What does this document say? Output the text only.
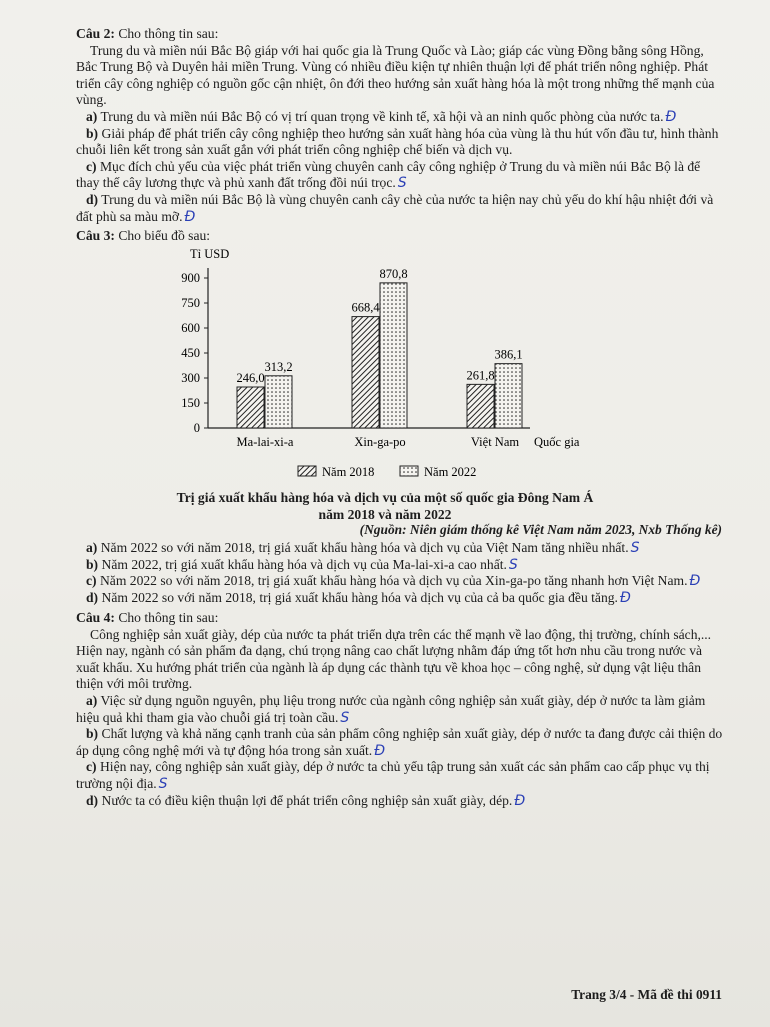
Câu 2: Cho thông tin sau:

Trung du và miền núi Bắc Bộ giáp với hai quốc gia là Trung Quốc và Lào; giáp các vùng Đồng bằng sông Hồng, Bắc Trung Bộ và Duyên hải miền Trung. Vùng có nhiều điều kiện tự nhiên thuận lợi để phát triển nông nghiệp. Phát triển cây công nghiệp có nguồn gốc cận nhiệt, ôn đới theo hướng sản xuất hàng hóa là một trong những thế mạnh của vùng.

a) Trung du và miền núi Bắc Bộ có vị trí quan trọng về kinh tế, xã hội và an ninh quốc phòng của nước ta. Đ

b) Giải pháp để phát triển cây công nghiệp theo hướng sản xuất hàng hóa của vùng là thu hút vốn đầu tư, hình thành chuỗi liên kết trong sản xuất gắn với phát triển công nghiệp chế biến và dịch vụ.

c) Mục đích chủ yếu của việc phát triển vùng chuyên canh cây công nghiệp ở Trung du và miền núi Bắc Bộ là để thay thế cây lương thực và phủ xanh đất trống đồi núi trọc. S

d) Trung du và miền núi Bắc Bộ là vùng chuyên canh cây chè của nước ta hiện nay chủ yếu do khí hậu nhiệt đới và đất phù sa màu mỡ. Đ

Câu 3: Cho biểu đồ sau:
Tỉ USD
Quốc gia
0
150
300
450
600
750
900
246,0
313,2
Ma-lai-xi-a
668,4
870,8
Xin-ga-po
261,8
386,1
Việt Nam
Năm 2018	Năm 2022
Trị giá xuất khẩu hàng hóa và dịch vụ của một số quốc gia Đông Nam Á
năm 2018 và năm 2022
(Nguồn: Niên giám thống kê Việt Nam năm 2023, Nxb Thống kê)

a) Năm 2022 so với năm 2018, trị giá xuất khẩu hàng hóa và dịch vụ của Việt Nam tăng nhiều nhất. S

b) Năm 2022, trị giá xuất khẩu hàng hóa và dịch vụ của Ma-lai-xi-a cao nhất. S

c) Năm 2022 so với năm 2018, trị giá xuất khẩu hàng hóa và dịch vụ của Xin-ga-po tăng nhanh hơn Việt Nam. Đ

d) Năm 2022 so với năm 2018, trị giá xuất khẩu hàng hóa và dịch vụ của cả ba quốc gia đều tăng. Đ

Câu 4: Cho thông tin sau:

Công nghiệp sản xuất giày, dép của nước ta phát triển dựa trên các thế mạnh về lao động, thị trường, chính sách,... Hiện nay, ngành có sản phẩm đa dạng, chú trọng nâng cao chất lượng nhằm đáp ứng tốt hơn nhu cầu trong nước và xuất khẩu. Xu hướng phát triển của ngành là áp dụng các thành tựu về khoa học – công nghệ, sử dụng vật liệu thân thiện với môi trường.

a) Việc sử dụng nguồn nguyên, phụ liệu trong nước của ngành công nghiệp sản xuất giày, dép ở nước ta làm giảm hiệu quả khi tham gia vào chuỗi giá trị toàn cầu. S

b) Chất lượng và khả năng cạnh tranh của sản phẩm công nghiệp sản xuất giày, dép ở nước ta đang được cải thiện do áp dụng công nghệ mới và tự động hóa trong sản xuất. Đ

c) Hiện nay, công nghiệp sản xuất giày, dép ở nước ta chủ yếu tập trung sản xuất các sản phẩm cao cấp phục vụ thị trường nội địa. S

d) Nước ta có điều kiện thuận lợi để phát triển công nghiệp sản xuất giày, dép. Đ

Trang 3/4 - Mã đề thi 0911
